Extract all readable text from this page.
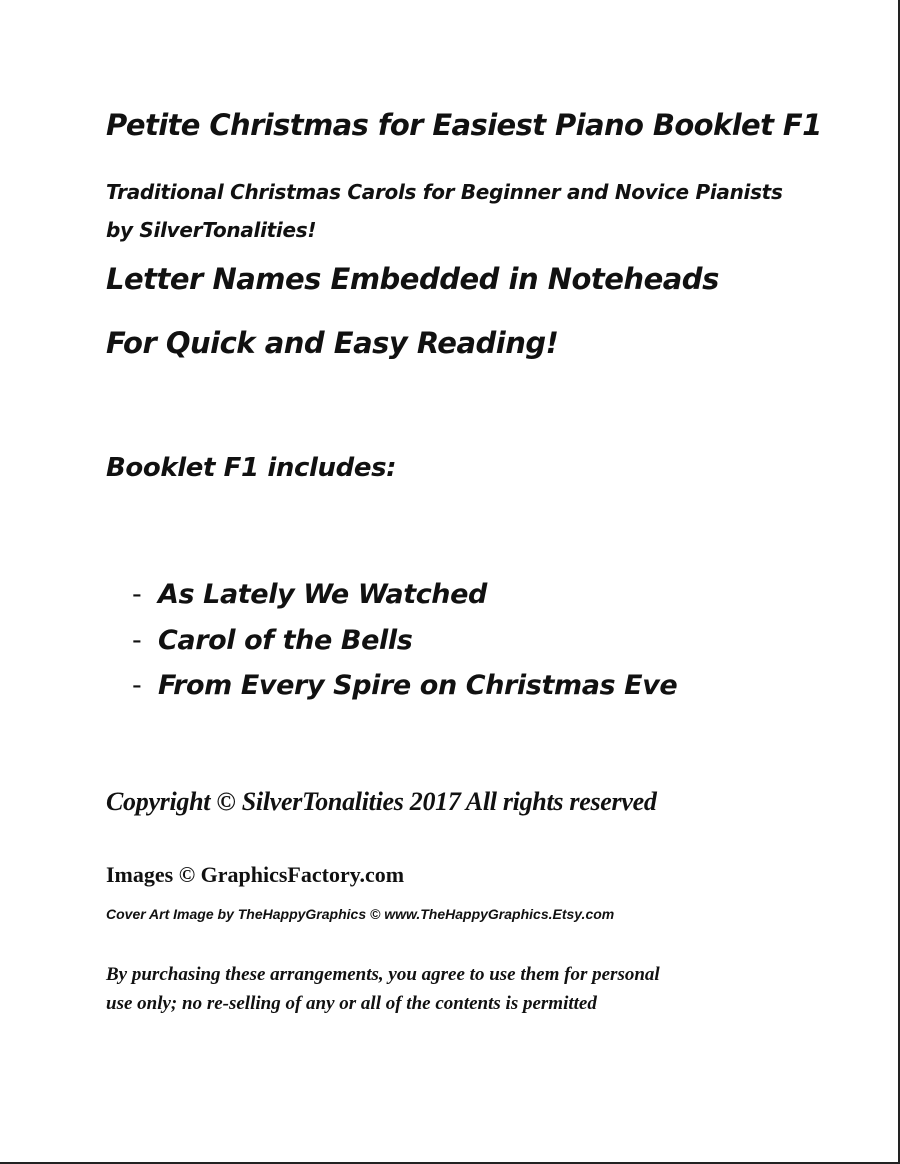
Petite Christmas for Easiest Piano Booklet F1
Traditional Christmas Carols for Beginner and Novice Pianists
by SilverTonalities!
Letter Names Embedded in Noteheads
For Quick and Easy Reading!
Booklet F1 includes:
- As Lately We Watched
- Carol of the Bells
- From Every Spire on Christmas Eve
Copyright © SilverTonalities 2017 All rights reserved
Images © GraphicsFactory.com
Cover Art Image by TheHappyGraphics © www.TheHappyGraphics.Etsy.com
By purchasing these arrangements, you agree to use them for personal
use only; no re-selling of any or all of the contents is permitted
